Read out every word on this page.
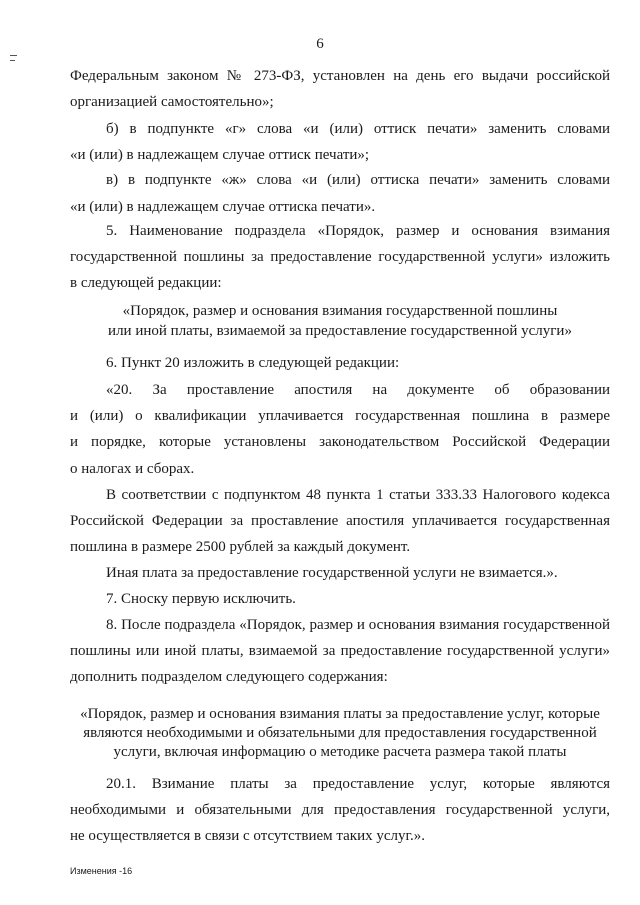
6
Федеральным законом № 273-ФЗ, установлен на день его выдачи российской
организацией самостоятельно»;
б) в подпункте «г» слова «и (или) оттиск печати» заменить словами
«и (или) в надлежащем случае оттиск печати»;
в) в подпункте «ж» слова «и (или) оттиска печати» заменить словами
«и (или) в надлежащем случае оттиска печати».
5. Наименование подраздела «Порядок, размер и основания взимания
государственной пошлины за предоставление государственной услуги» изложить
в следующей редакции:
«Порядок, размер и основания взимания государственной пошлины
или иной платы, взимаемой за предоставление государственной услуги»
6. Пункт 20 изложить в следующей редакции:
«20. За проставление апостиля на документе об образовании
и (или) о квалификации уплачивается государственная пошлина в размере
и порядке, которые установлены законодательством Российской Федерации
о налогах и сборах.
В соответствии с подпунктом 48 пункта 1 статьи 333.33 Налогового кодекса
Российской Федерации за проставление апостиля уплачивается государственная
пошлина в размере 2500 рублей за каждый документ.
Иная плата за предоставление государственной услуги не взимается.».
7. Сноску первую исключить.
8. После подраздела «Порядок, размер и основания взимания государственной
пошлины или иной платы, взимаемой за предоставление государственной услуги»
дополнить подразделом следующего содержания:
«Порядок, размер и основания взимания платы за предоставление услуг, которые
являются необходимыми и обязательными для предоставления государственной
услуги, включая информацию о методике расчета размера такой платы
20.1. Взимание платы за предоставление услуг, которые являются
необходимыми и обязательными для предоставления государственной услуги,
не осуществляется в связи с отсутствием таких услуг.».
Изменения -16
